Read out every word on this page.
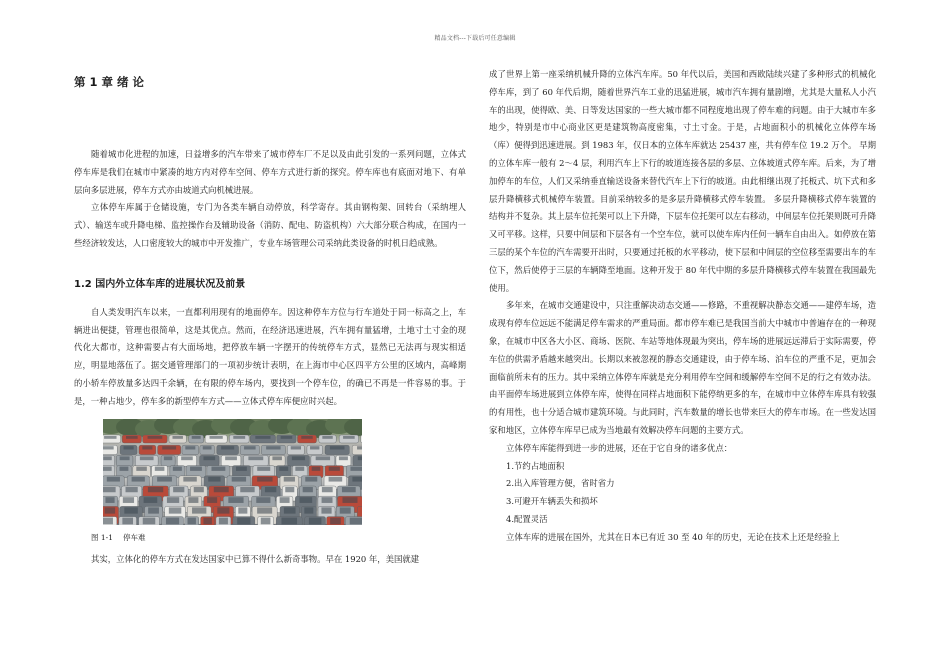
精品文档---下载后可任意编辑
第 1 章 绪 论

随着城市化进程的加速，日益增多的汽车带来了城市停车厂不足以及由此引发的一系列问题，立体式停车库是我们在城市中紧凑的地方内对停车空间、停车方式进行新的探究。停车库也有底面对地下、有单层向多层进展，停车方式亦由坡道式向机械进展。

立体停车库属于仓储设施，专门为各类车辆自动停放，科学寄存。其由钢构架、回转台（采纳埋人式）、输送车或升降电梯、监控操作台及辅助设备（消防、配电、防盗机构）六大部分联合构成，在国内一些经济较发达，人口密度较大的城市中开发推广，专业车场管理公司采纳此类设备的时机日趋成熟。

1.2 国内外立体车库的进展状况及前景

自人类发明汽车以来，一直都利用现有的地面停车。因这种停车方位与行车道处于同一标高之上，车辆进出便捷，管理也很简单，这是其优点。然而，在经济迅速进展，汽车拥有量猛增，土地寸土寸金的现代化大都市，这种需要占有大面场地，把停放车辆一字摆开的传统停车方式，显然已无法再与现实相适应，明显地落伍了。据交通管理部门的一项初步统计表明，在上海市中心区四平方公里的区域内，高峰期的小轿车停放量多达四千余辆，在有限的停车场内，要找到一个停车位，的确已不再是一件容易的事。于是，一种占地少，停车多的新型停车方式——立体式停车库便应时兴起。

图 1-1 停车难

其实，立体化的停车方式在发达国家中已算不得什么新奇事物。早在 1920 年，美国就建

成了世界上第一座采纳机械升降的立体汽车库。50 年代以后，美国和西欧陆续兴建了多种形式的机械化停车库，到了 60 年代后期，随着世界汽车工业的迅猛进展，城市汽车拥有量剧增，尤其是大量私人小汽车的出现，使得欧、美、日等发达国家的一些大城市都不同程度地出现了停车难的问题。由于大城市车多地少，特别是市中心商业区更是建筑物高度密集，寸土寸金。于是，占地面积小的机械化立体停车场（库）便得到迅速进展。到 1983 年，仅日本的立体车库就达 25437 座，共有停车位 19.2 万个。 早期的立体车库一般有 2～4 层，利用汽车上下行的坡道连接各层的多层、立体坡道式停车库。后来，为了增加停车的车位，人们又采纳垂直输送设备来替代汽车上下行的坡道。由此相继出现了托板式、坑下式和多层升降横移式机械停车装置。目前采纳较多的是多层升降横移式停车装置。 多层升降横移式停车装置的结构并不复杂。其上层车位托架可以上下升降，下层车位托架可以左右移动，中间层车位托架则既可升降又可平移。这样，只要中间层和下层各有一个空车位，就可以使车库内任何一辆车自由出入。如停放在第三层的某个车位的汽车需要开出时，只要通过托板的水平移动，使下层和中间层的空位移至需要出车的车位下，然后使停于三层的车辆降至地面。这种开发于 80 年代中期的多层升降横移式停车装置在我国最先使用。

多年来，在城市交通建设中，只注重解决动态交通——修路，不重视解决静态交通——建停车场，造成现有停车位远远不能满足停车需求的严重局面。都市停车难已是我国当前大中城市中普遍存在的一种现象，在城市中区各大小区、商场、医院、车站等地体现最为突出，停车场的进展远远滞后于实际需要，停车位的供需矛盾越来越突出。长期以来被忽视的静态交通建设，由于停车场、泊车位的严重不足，更加会面临前所未有的压力。其中采纳立体停车库就是充分利用停车空间和缓解停车空间不足的行之有效办法。由平面停车场进展到立体停车库，使得在同样占地面积下能停纳更多的车，在城市中立体停车库具有较强的有用性，也十分适合城市建筑环境。与此同时，汽车数量的增长也带来巨大的停车市场。在一些发达国家和地区，立体停车库早已成为当地最有效解决停车问题的主要方式。

立体停车库能得到进一步的进展，还在于它自身的诸多优点：

1.节约占地面积

2.出入库管理方便，省时省力

3.可避开车辆丢失和损坏

4.配置灵活

立体车库的进展在国外，尤其在日本已有近 30 至 40 年的历史，无论在技术上还是经验上
